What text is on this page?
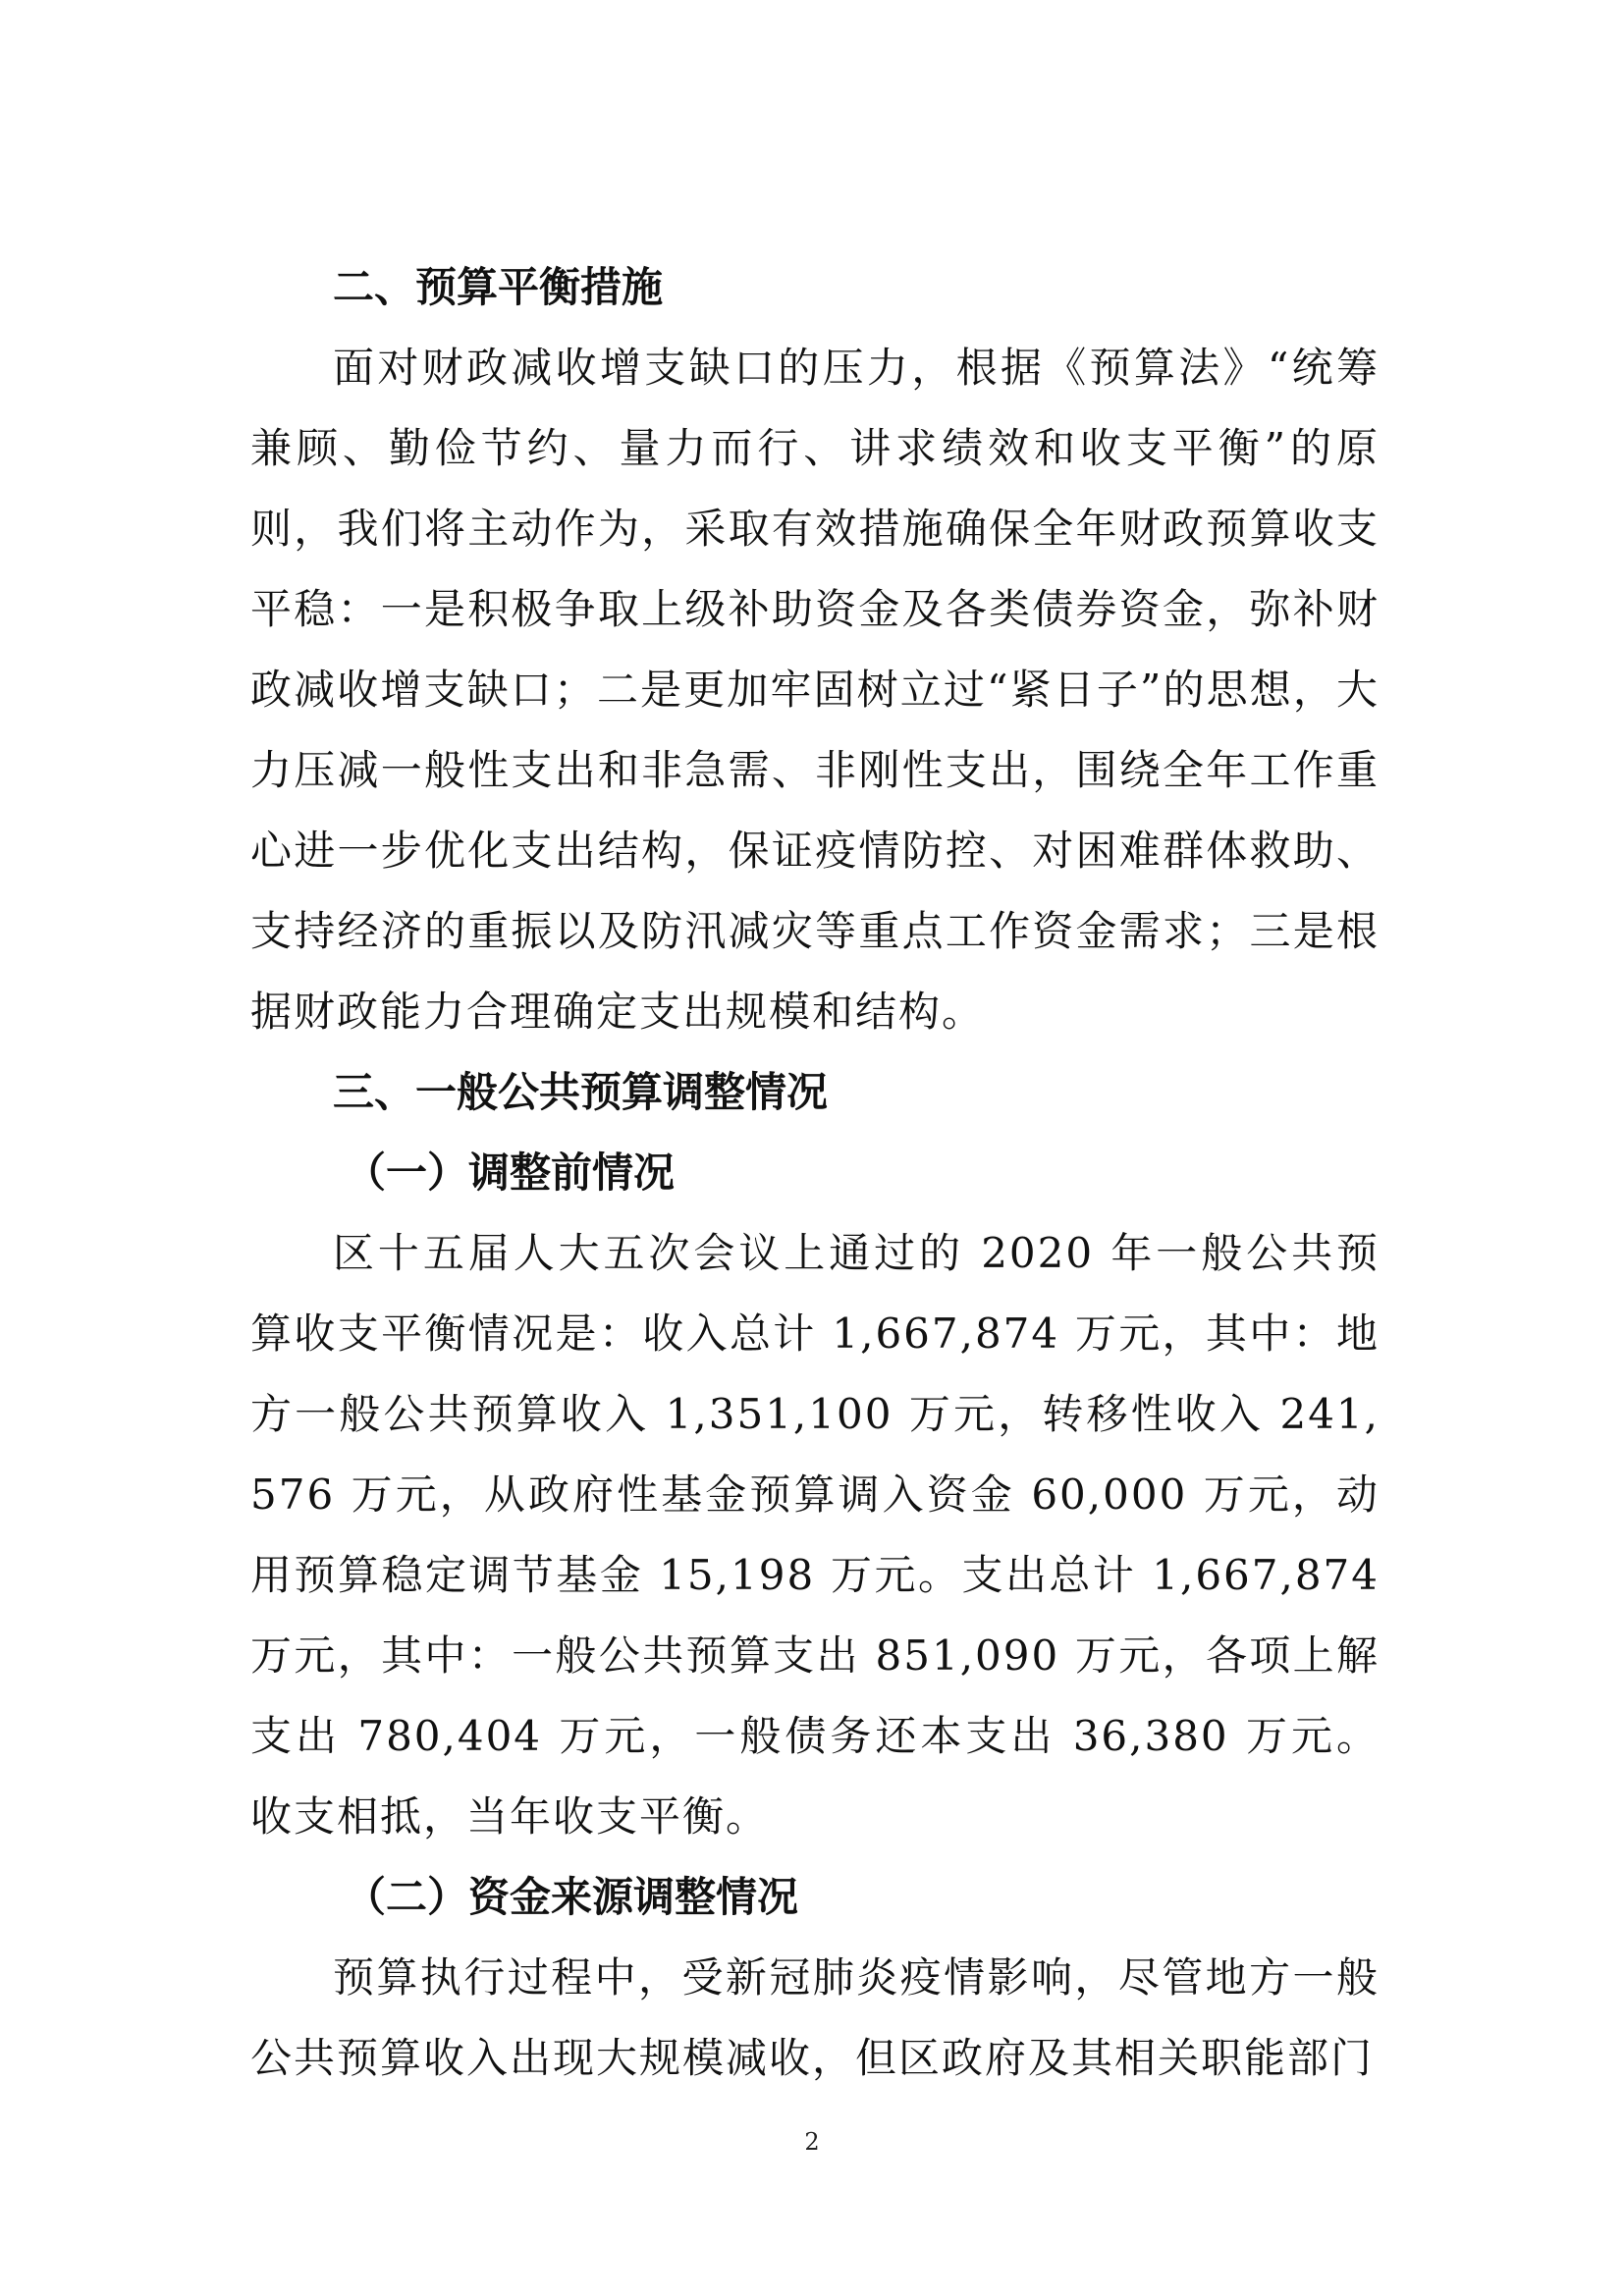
二、预算平衡措施

面对财政减收增支缺口的压力，根据《预算法》“统筹兼顾、勤俭节约、量力而行、讲求绩效和收支平衡”的原则，我们将主动作为，采取有效措施确保全年财政预算收支平稳：一是积极争取上级补助资金及各类债券资金，弥补财政减收增支缺口；二是更加牢固树立过“紧日子”的思想，大力压减一般性支出和非急需、非刚性支出，围绕全年工作重心进一步优化支出结构，保证疫情防控、对困难群体救助、支持经济的重振以及防汛减灾等重点工作资金需求；三是根据财政能力合理确定支出规模和结构。

三、一般公共预算调整情况
（一）调整前情况

区十五届人大五次会议上通过的 2020 年一般公共预算收支平衡情况是：收入总计 1,667,874 万元，其中：地方一般公共预算收入 1,351,100 万元，转移性收入 241,576 万元，从政府性基金预算调入资金 60,000 万元，动用预算稳定调节基金 15,198 万元。支出总计 1,667,874 万元，其中：一般公共预算支出 851,090 万元，各项上解支出 780,404 万元，一般债务还本支出 36,380 万元。收支相抵，当年收支平衡。

（二）资金来源调整情况

预算执行过程中，受新冠肺炎疫情影响，尽管地方一般公共预算收入出现大规模减收，但区政府及其相关职能部门

2
